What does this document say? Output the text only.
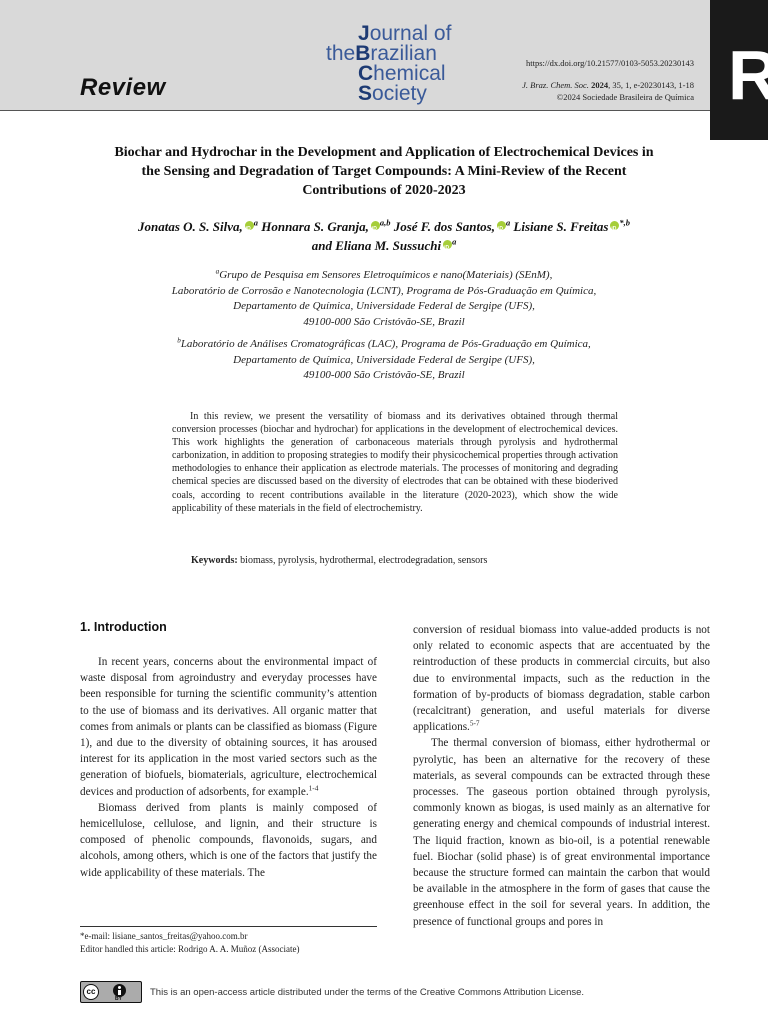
R
Review
J ournal of
the B razilian
C hemical
S ociety
https://dx.doi.org/10.21577/0103-5053.20230143
J. Braz. Chem. Soc. 2024, 35, 1, e-20230143, 1-18
©2024 Sociedade Brasileira de Química
Biochar and Hydrochar in the Development and Application of Electrochemical Devices in the Sensing and Degradation of Target Compounds: A Mini-Review of the Recent Contributions of 2020-2023
Jonatas O. S. Silva, iD $^a$ Honnara S. Granja, iD $^{a,b}$ José F. dos Santos, iD $^a$ Lisiane S. Freitas iD $^{*,b}$
and Eliana M. Sussuchi iD $^a$
$^a$Grupo de Pesquisa em Sensores Eletroquímicos e nano(Materiais) (SEnM),
Laboratório de Corrosão e Nanotecnologia (LCNT), Programa de Pós-Graduação em Química,
Departamento de Química, Universidade Federal de Sergipe (UFS),
49100-000 São Cristóvão-SE, Brazil
$^b$Laboratório de Análises Cromatográficas (LAC), Programa de Pós-Graduação em Química,
Departamento de Química, Universidade Federal de Sergipe (UFS),
49100-000 São Cristóvão-SE, Brazil

In this review, we present the versatility of biomass and its derivatives obtained through thermal conversion processes (biochar and hydrochar) for applications in the development of electrochemical devices. This work highlights the generation of carbonaceous materials through pyrolysis and hydrothermal carbonization, in addition to proposing strategies to modify their physicochemical properties through activation methodologies to enhance their application as electrode materials. The processes of monitoring and degrading chemical species are discussed based on the diversity of electrodes that can be obtained with these bioderived coals, according to recent contributions available in the literature (2020-2023), which show the wide applicability of these materials in the field of electrochemistry.

Keywords: biomass, pyrolysis, hydrothermal, electrodegradation, sensors
1. Introduction

In recent years, concerns about the environmental impact of waste disposal from agroindustry and everyday processes have been responsible for turning the scientific community’s attention to the use of biomass and its derivatives. All organic matter that comes from animals or plants can be classified as biomass (Figure 1), and due to the diversity of obtaining sources, it has aroused interest for its application in the most varied sectors such as the generation of biofuels, biomaterials, agriculture, electrochemical devices and production of adsorbents, for example.$^{1-4}$

Biomass derived from plants is mainly composed of hemicellulose, cellulose, and lignin, and their structure is composed of phenolic compounds, flavonoids, sugars, and alcohols, among others, which is one of the factors that justify the wide applicability of these materials. The

conversion of residual biomass into value-added products is not only related to economic aspects that are accentuated by the reintroduction of these products in commercial circuits, but also due to environmental impacts, such as the reduction in the formation of by-products of biomass degradation, stable carbon (recalcitrant) generation, and useful materials for diverse applications.$^{5-7}$

The thermal conversion of biomass, either hydrothermal or pyrolytic, has been an alternative for the recovery of these materials, as several compounds can be extracted through these processes. The gaseous portion obtained through pyrolysis, commonly known as biogas, is used mainly as an alternative for generating energy and chemical compounds of industrial interest. The liquid fraction, known as bio-oil, is a potential renewable fuel. Biochar (solid phase) is of great environmental importance because the structure formed can maintain the carbon that would be available in the atmosphere in the form of gases that cause the greenhouse effect in the soil for several years. In addition, the presence of functional groups and pores in

*e-mail: lisiane_santos_freitas@yahoo.com.br
Editor handled this article: Rodrigo A. A. Muñoz (Associate)
cc
BY
This is an open-access article distributed under the terms of the Creative Commons Attribution License.
